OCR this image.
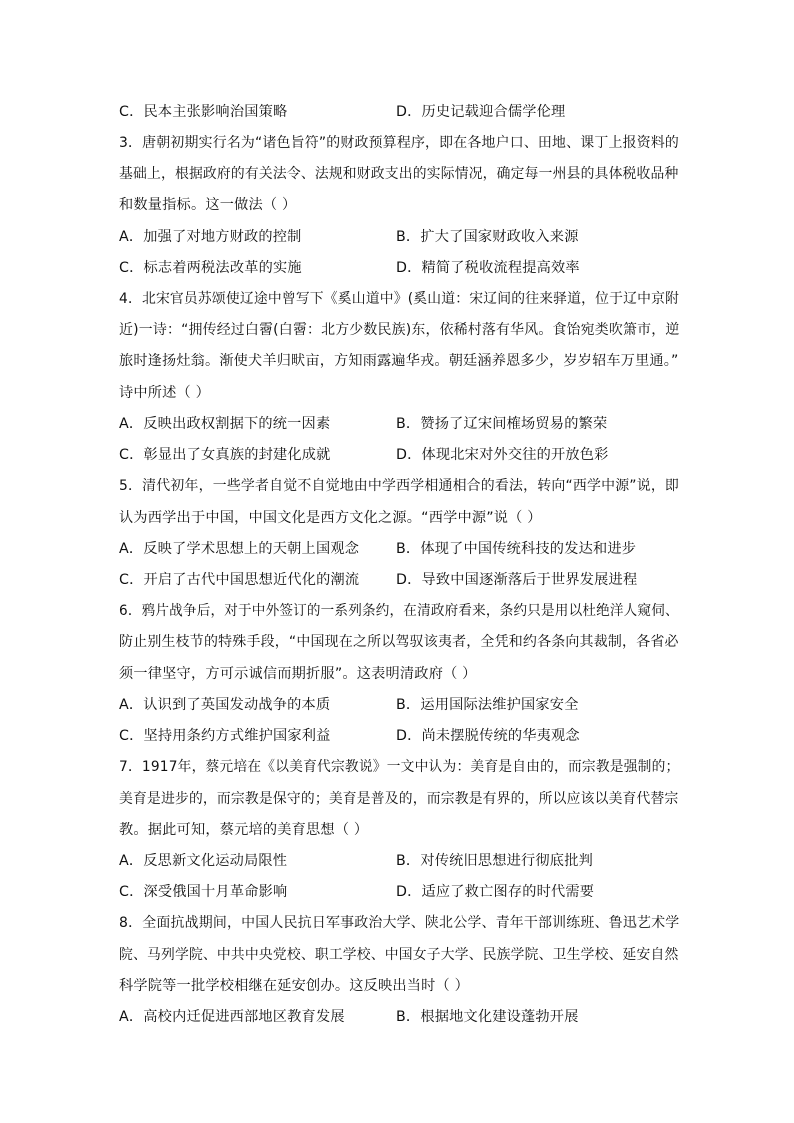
C．民本主张影响治国策略	D．历史记载迎合儒学伦理
3．唐朝初期实行名为“诸色旨符”的财政预算程序，即在各地户口、田地、课丁上报资料的
基础上，根据政府的有关法令、法规和财政支出的实际情况，确定每一州县的具体税收品种
和数量指标。这一做法（ ）
A．加强了对地方财政的控制	B．扩大了国家财政收入来源
C．标志着两税法改革的实施	D．精简了税收流程提高效率
4．北宋官员苏颂使辽途中曾写下《奚山道中》(奚山道：宋辽间的往来驿道，位于辽中京附
近)一诗：“拥传经过白霫(白霫：北方少数民族)东，依稀村落有华风。食饴宛类吹箫市，逆
旅时逢扬灶翁。渐使犬羊归畎亩，方知雨露遍华戎。朝廷涵养恩多少，岁岁轺车万里通。”
诗中所述（ ）
A．反映出政权割据下的统一因素	B．赞扬了辽宋间榷场贸易的繁荣
C．彰显出了女真族的封建化成就	D．体现北宋对外交往的开放色彩
5．清代初年，一些学者自觉不自觉地由中学西学相通相合的看法，转向“西学中源”说，即
认为西学出于中国，中国文化是西方文化之源。“西学中源”说（ ）
A．反映了学术思想上的天朝上国观念	B．体现了中国传统科技的发达和进步
C．开启了古代中国思想近代化的潮流	D．导致中国逐渐落后于世界发展进程
6．鸦片战争后，对于中外签订的一系列条约，在清政府看来，条约只是用以杜绝洋人窥伺、
防止别生枝节的特殊手段，“中国现在之所以驾驭该夷者，全凭和约各条向其裁制，各省必
须一律坚守，方可示诚信而期折服”。这表明清政府（ ）
A．认识到了英国发动战争的本质	B．运用国际法维护国家安全
C．坚持用条约方式维护国家利益	D．尚未摆脱传统的华夷观念
7．1917年，蔡元培在《以美育代宗教说》一文中认为：美育是自由的，而宗教是强制的；
美育是进步的，而宗教是保守的；美育是普及的，而宗教是有界的，所以应该以美育代替宗
教。据此可知，蔡元培的美育思想（ ）
A．反思新文化运动局限性	B．对传统旧思想进行彻底批判
C．深受俄国十月革命影响	D．适应了救亡图存的时代需要
8．全面抗战期间，中国人民抗日军事政治大学、陕北公学、青年干部训练班、鲁迅艺术学
院、马列学院、中共中央党校、职工学校、中国女子大学、民族学院、卫生学校、延安自然
科学院等一批学校相继在延安创办。这反映出当时（ ）
A．高校内迁促进西部地区教育发展	B．根据地文化建设蓬勃开展
